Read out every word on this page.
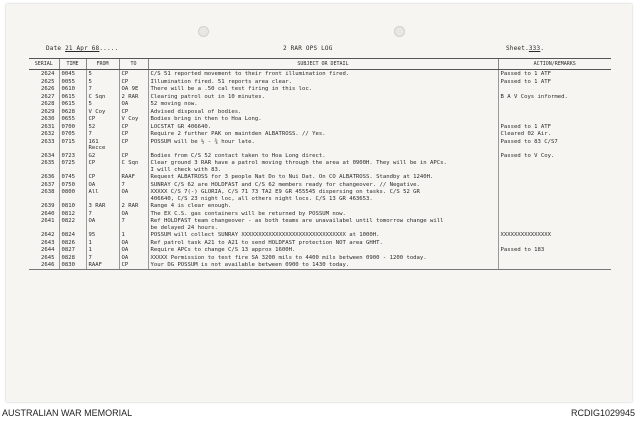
Date 21 Apr 68.....	2 RAR OPS LOG	Sheet.333.
SERIAL	TIME	FROM	TO	SUBJECT OR DETAIL	ACTION/REMARKS
2624	0045	5	CP	C/S 51 reported movement to their front illumination fired.	Passed to 1 ATF
2625	0055	5	CP	Illumination fired. 51 reports area clear.	Passed to 1 ATF
2626	0610	7	OA 9E	There will be a .50 cal test firing in this loc.	
2627	0615	C Sqn	2 RAR	Clearing patrol out in 10 minutes.	B A V Coys informed.
2628	0615	5	OA	52 moving now.	
2629	0628	V Coy	CP	Advised disposal of bodies.	
2630	0655	CP	V Coy	Bodies bring in then to Hoa Long.	
2631	0700	52	CP	LOCSTAT GR 406640.	Passed to 1 ATF
2632	0705	7	CP	Require 2 further PAK on maintden ALBATROSS. // Yes.	Cleared 02 Air.
2633	0715	161 Recce	CP	POSSUM will be ½ - ¾ hour late.	Passed to 83 C/S7
2634	0723	G2	CP	Bodies from C/S 52 contact taken to Hoa Long direct.	Passed to V Coy.
2635	0725	CP	C Sqn	Clear ground 3 RAR have a patrol moving through the area at 0900H. They will be in APCs.
I will check with 83.	
2636	0745	CP	RAAF	Request ALBATROSS for 3 people Nat Do to Nui Dat. On CO ALBATROSS. Standby at 1240H.	
2637	0750	OA	7	SUNRAY C/S 62 are HOLDFAST and C/S 62 members ready for changeover. // Negative.	
2638	0800	All	OA	XXXXX C/S 7(-) GLORIA, C/S 71 73 TA2 E9 GR 455545 dispersing on tasks. C/S 52 GR
406640, C/S 23 night loc, all others night locs. C/S 13 GR 463653.	
2639	0810	3 RAR	2 RAR	Range 4 is clear enough.	
2640	0812	7	OA	The EX C.S. gas containers will be returned by POSSUM now.	
2641	0822	OA	7	Ref HOLDFAST team changeover - as both teams are unavailabel until tomorrow change will
be delayed 24 hours.	
2642	0824	95	1	POSSUM will collect SUNRAY XXXXXXXXXXXXXXXXXXXXXXXXXXXXXXX at 1000H.	XXXXXXXXXXXXXXX
2643	0826	1	OA	Ref patrol task A21 to A21 to send HOLDFAST protection NOT area GHHT.	
2644	0827	1	OA	Require APCs to change C/S 13 approx 1600H.	Passed to 183
2645	0828	7	OA	XXXXX Permission to test fire SA 3200 mils to 4400 mils between 0900 - 1200 today.	
2646	0830	RAAF	CP	Your DG POSSUM is not available between 0900 to 1430 today.	
AUSTRALIAN WAR MEMORIAL	RCDIG1029945
